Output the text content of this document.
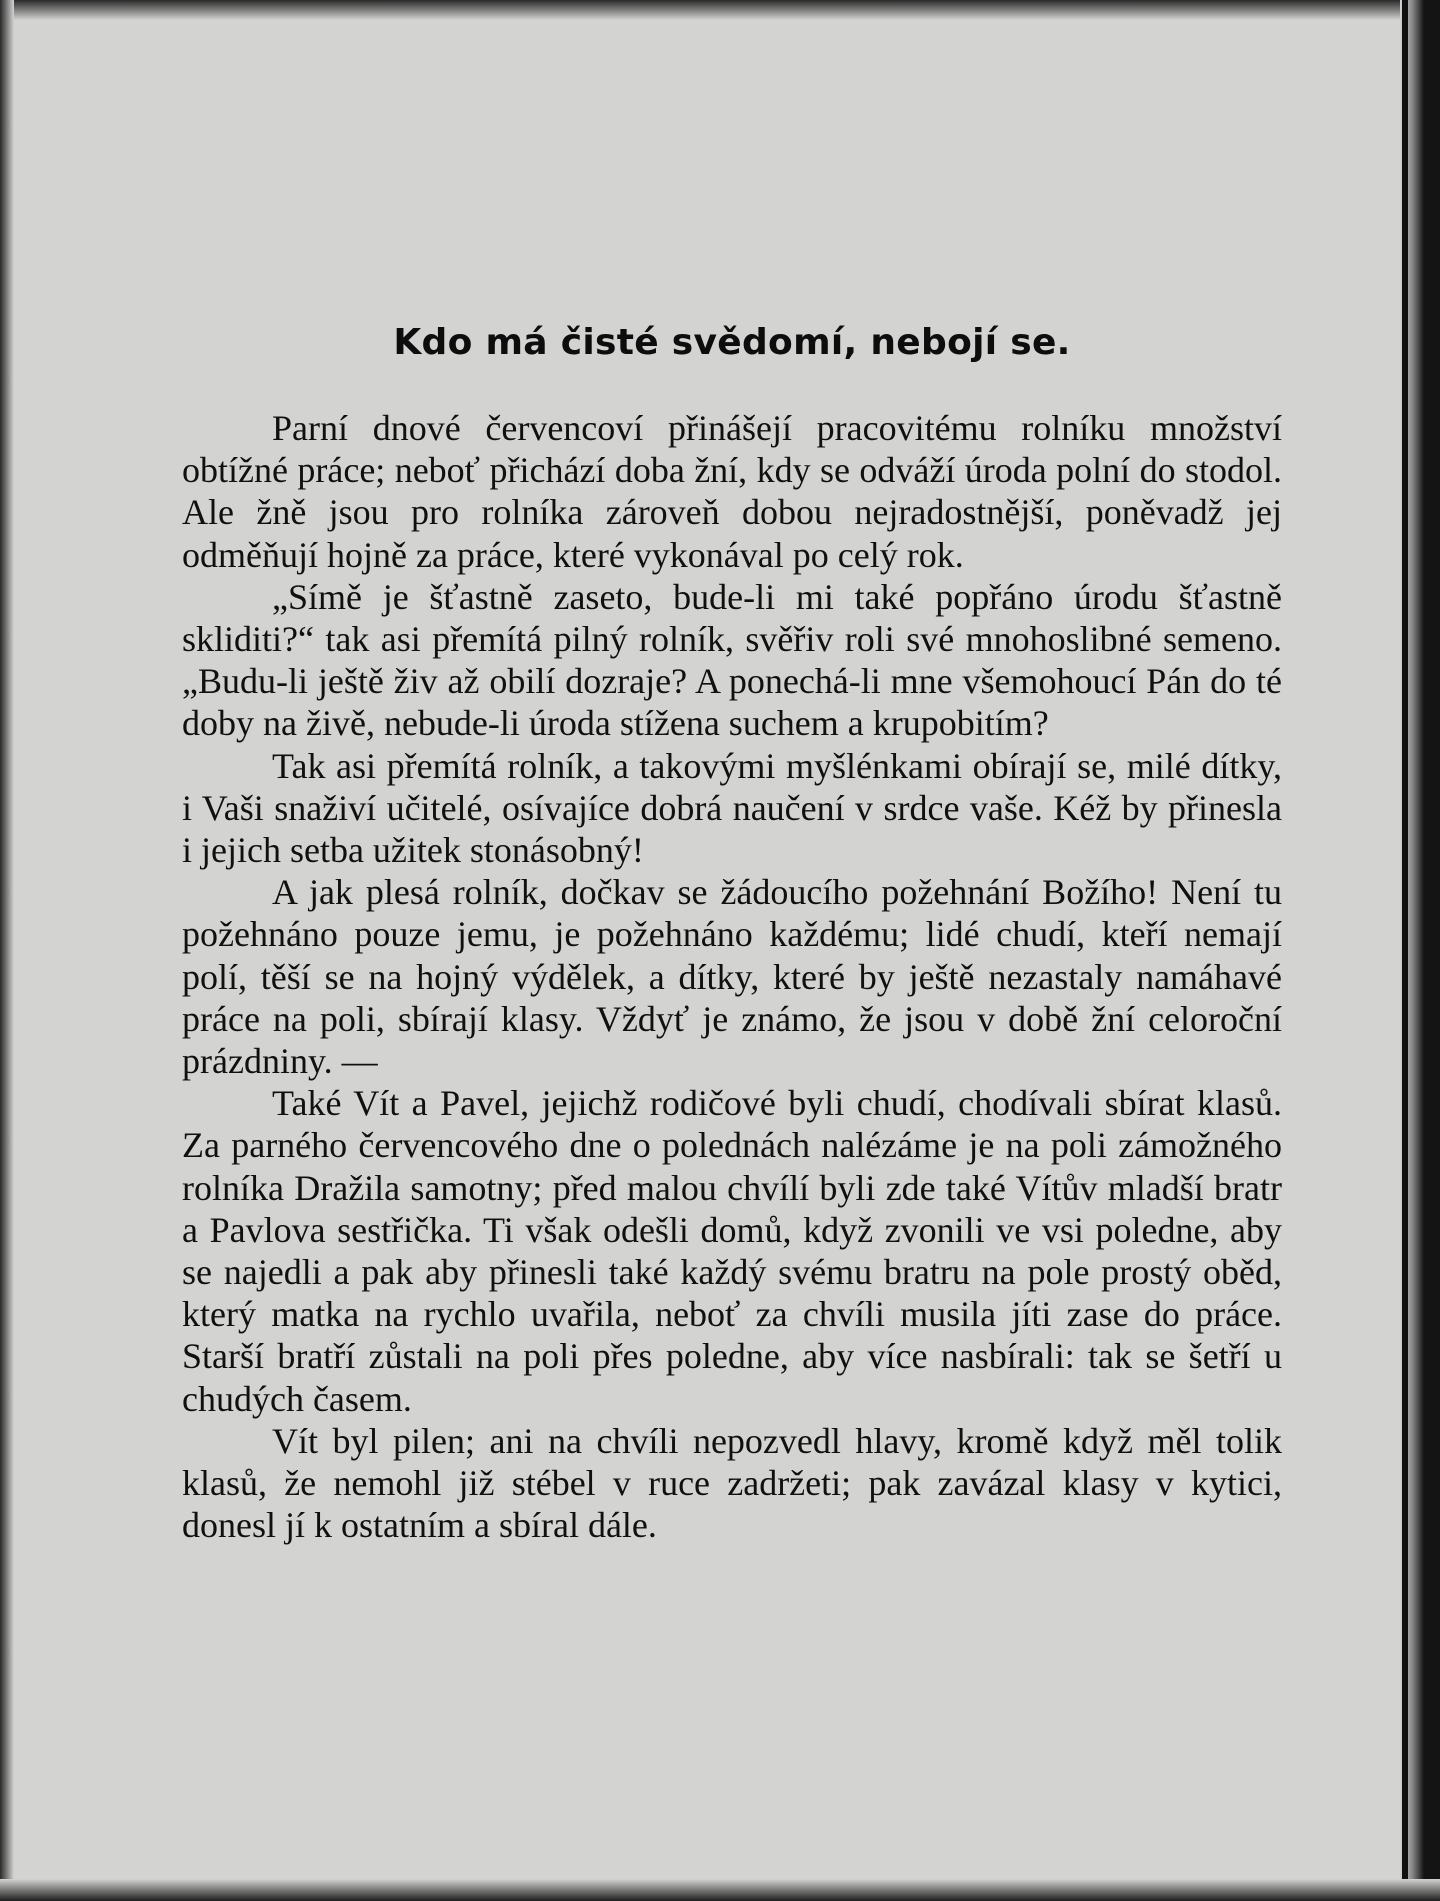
Kdo má čisté svědomí, nebojí se.

Parní dnové červencoví přinášejí pracovitému rolníku množství obtížné práce; neboť přichází doba žní, kdy se odváží úroda polní do stodol. Ale žně jsou pro rolníka zároveň dobou nejradostnější, poněvadž jej odměňují hojně za práce, které vykonával po celý rok.

„Símě je šťastně zaseto, bude-li mi také popřáno úrodu šťastně skliditi?“ tak asi přemítá pilný rolník, svěřiv roli své mnohoslibné semeno. „Budu-li ještě živ až obilí dozraje? A ponechá-li mne všemohoucí Pán do té doby na živě, nebude-li úroda stížena suchem a krupobitím?

Tak asi přemítá rolník, a takovými myšlénkami obírají se, milé dítky, i Vaši snaživí učitelé, osívajíce dobrá naučení v srdce vaše. Kéž by přinesla i jejich setba užitek stonásobný!

A jak plesá rolník, dočkav se žádoucího požehnání Božího! Není tu požehnáno pouze jemu, je požehnáno každému; lidé chudí, kteří nemají polí, těší se na hojný výdělek, a dítky, které by ještě nezastaly namáhavé práce na poli, sbírají klasy. Vždyť je známo, že jsou v době žní celoroční prázdniny. —

Také Vít a Pavel, jejichž rodičové byli chudí, chodívali sbírat klasů. Za parného červencového dne o polednách nalézáme je na poli zámožného rolníka Dražila samotny; před malou chvílí byli zde také Vítův mladší bratr a Pavlova sestřička. Ti však odešli domů, když zvonili ve vsi poledne, aby se najedli a pak aby přinesli také každý svému bratru na pole prostý oběd, který matka na rychlo uvařila, neboť za chvíli musila jíti zase do práce. Starší bratří zůstali na poli přes poledne, aby více nasbírali: tak se šetří u chudých časem.

Vít byl pilen; ani na chvíli nepozvedl hlavy, kromě když měl tolik klasů, že nemohl již stébel v ruce zadržeti; pak zavázal klasy v kytici, donesl jí k ostatním a sbíral dále.
